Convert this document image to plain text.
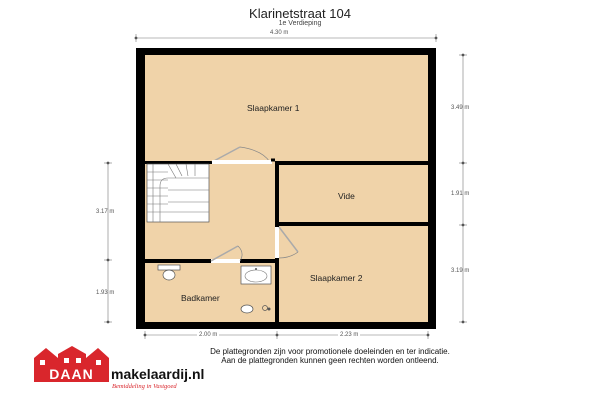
Klarinetstraat 104
1e Verdieping
4.30 m
3.49 m
1.91 m
3.19 m
3.17 m
1.93 m
2.00 m	2.23 m
Slaapkamer 1
Vide
Slaapkamer 2
Badkamer
De plattegronden zijn voor promotionele doeleinden en ter indicatie.
Aan de plattegronden kunnen geen rechten worden ontleend.
DAAN	makelaardij.nl
Bemiddeling in Vastgoed
